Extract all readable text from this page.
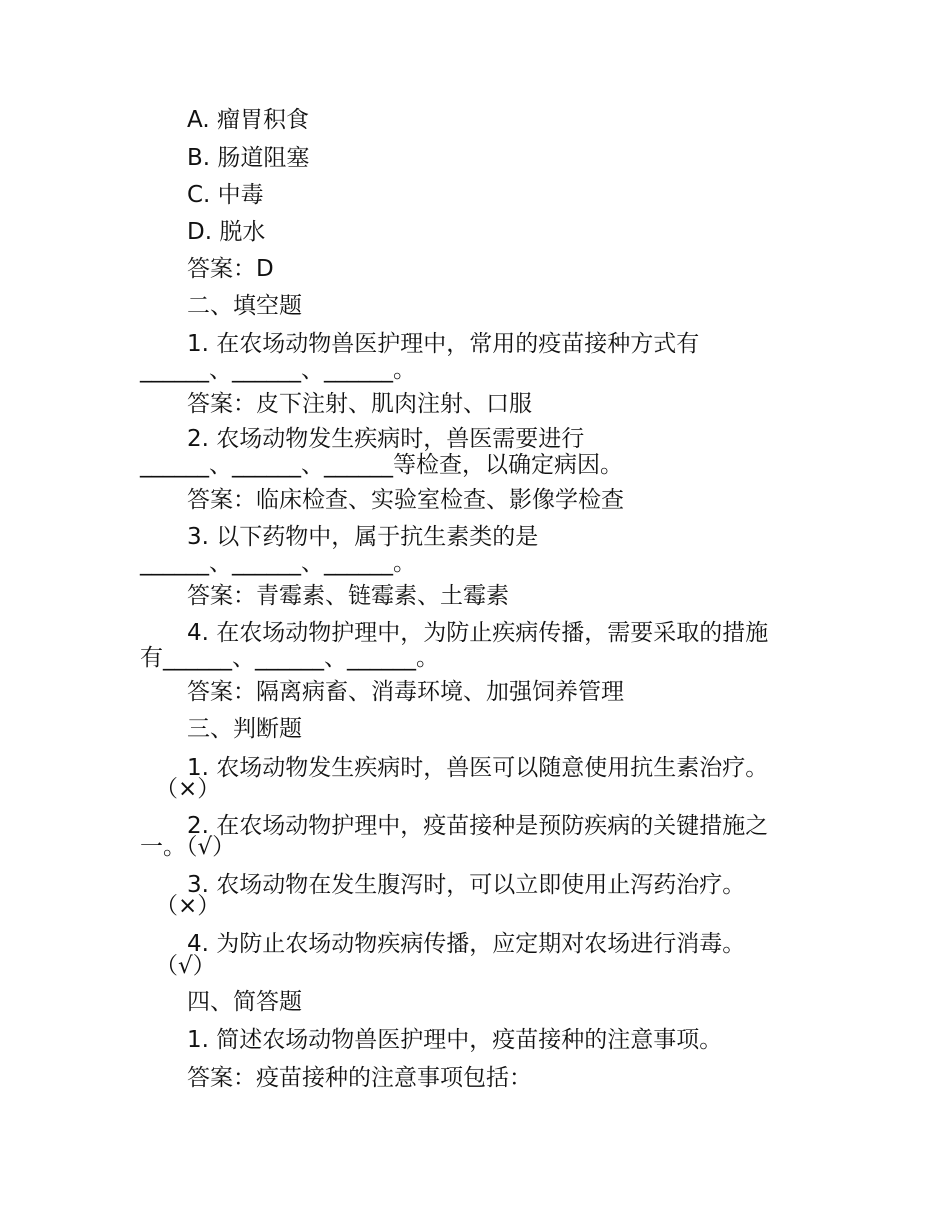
A. 瘤胃积食
B. 肠道阻塞
C. 中毒
D. 脱水
答案：D
二、填空题
1. 在农场动物兽医护理中，常用的疫苗接种方式有
______、______、______。
答案：皮下注射、肌肉注射、口服
2. 农场动物发生疾病时，兽医需要进行
______、______、______等检查，以确定病因。
答案：临床检查、实验室检查、影像学检查
3. 以下药物中，属于抗生素类的是
______、______、______。
答案：青霉素、链霉素、土霉素
4. 在农场动物护理中，为防止疾病传播，需要采取的措施
有______、______、______。
答案：隔离病畜、消毒环境、加强饲养管理
三、判断题
1. 农场动物发生疾病时，兽医可以随意使用抗生素治疗。
（×）
2. 在农场动物护理中，疫苗接种是预防疾病的关键措施之
一。（√）
3. 农场动物在发生腹泻时，可以立即使用止泻药治疗。
（×）
4. 为防止农场动物疾病传播，应定期对农场进行消毒。
（√）
四、简答题
1. 简述农场动物兽医护理中，疫苗接种的注意事项。
答案：疫苗接种的注意事项包括：
